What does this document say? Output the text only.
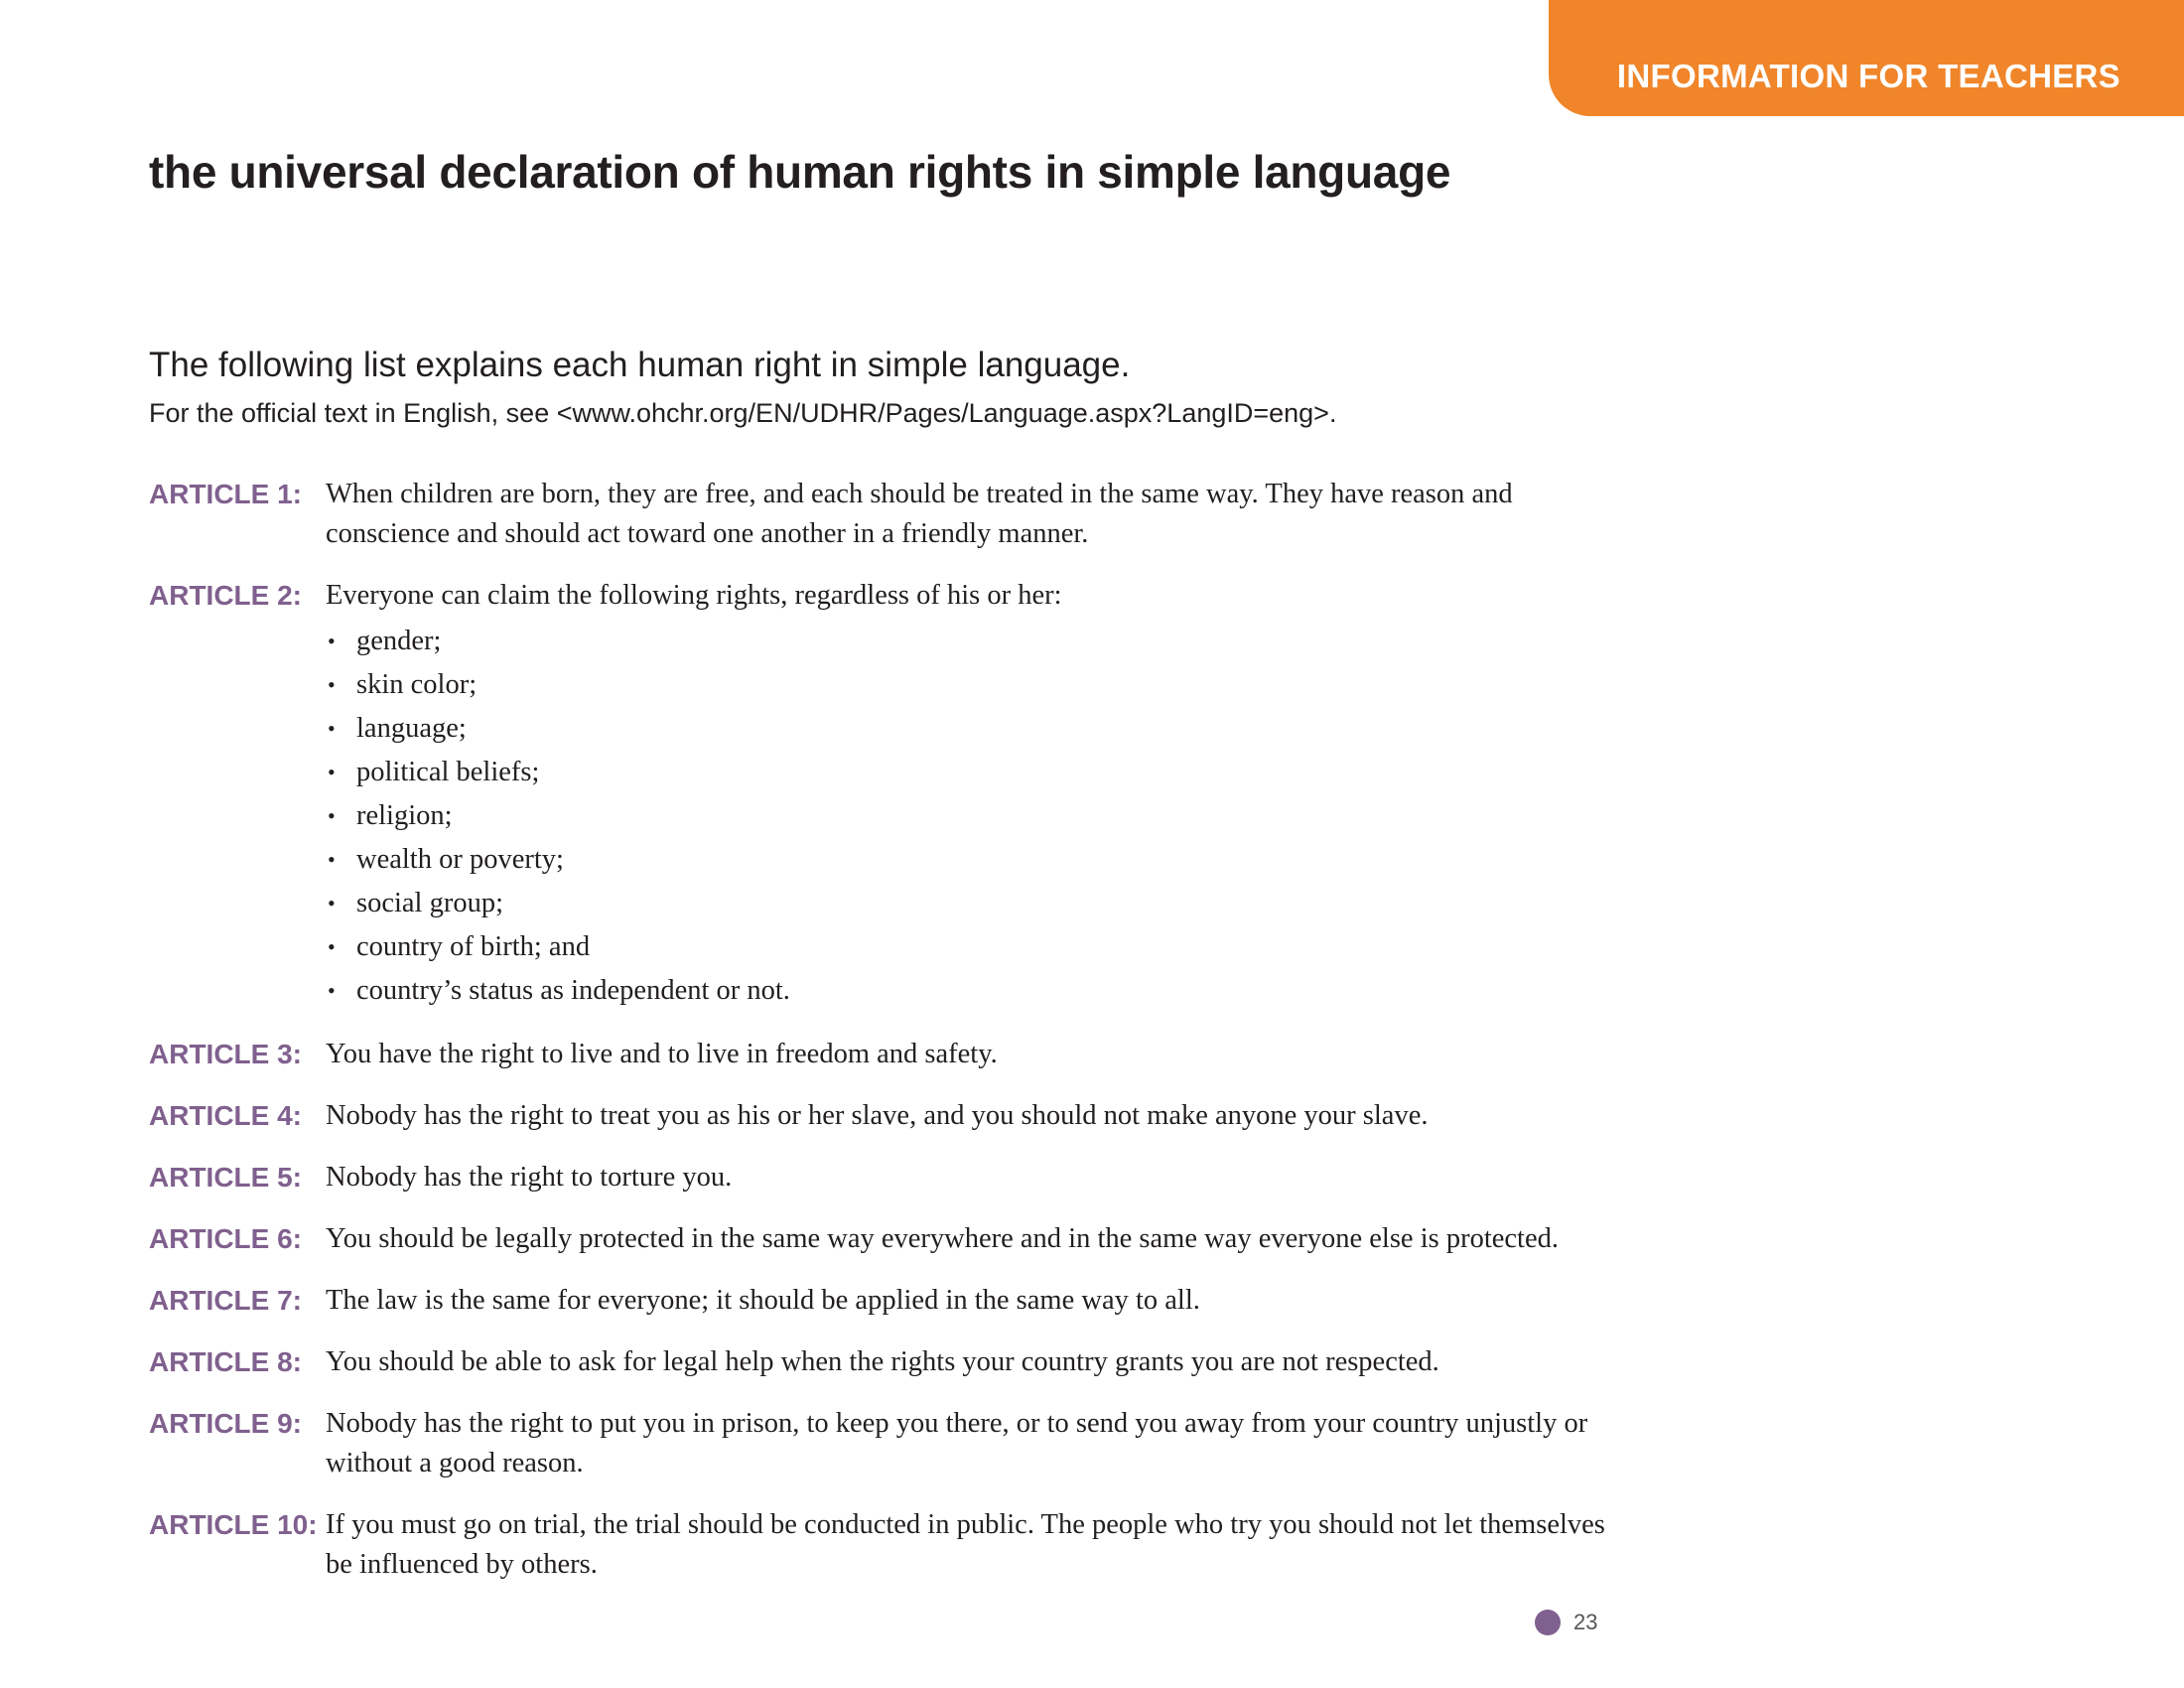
INFORMATION FOR TEACHERS
the universal declaration of human rights in simple language

The following list explains each human right in simple language.

For the official text in English, see <www.ohchr.org/EN/UDHR/Pages/Language.aspx?LangID=eng>.

ARTICLE 1: When children are born, they are free, and each should be treated in the same way. They have reason and conscience and should act toward one another in a friendly manner.
ARTICLE 2: Everyone can claim the following rights, regardless of his or her:
• gender;
• skin color;
• language;
• political beliefs;
• religion;
• wealth or poverty;
• social group;
• country of birth; and
• country’s status as independent or not.
ARTICLE 3: You have the right to live and to live in freedom and safety.
ARTICLE 4: Nobody has the right to treat you as his or her slave, and you should not make anyone your slave.
ARTICLE 5: Nobody has the right to torture you.
ARTICLE 6: You should be legally protected in the same way everywhere and in the same way everyone else is protected.
ARTICLE 7: The law is the same for everyone; it should be applied in the same way to all.
ARTICLE 8: You should be able to ask for legal help when the rights your country grants you are not respected.
ARTICLE 9: Nobody has the right to put you in prison, to keep you there, or to send you away from your country unjustly or without a good reason.
ARTICLE 10: If you must go on trial, the trial should be conducted in public. The people who try you should not let themselves be influenced by others.
23
